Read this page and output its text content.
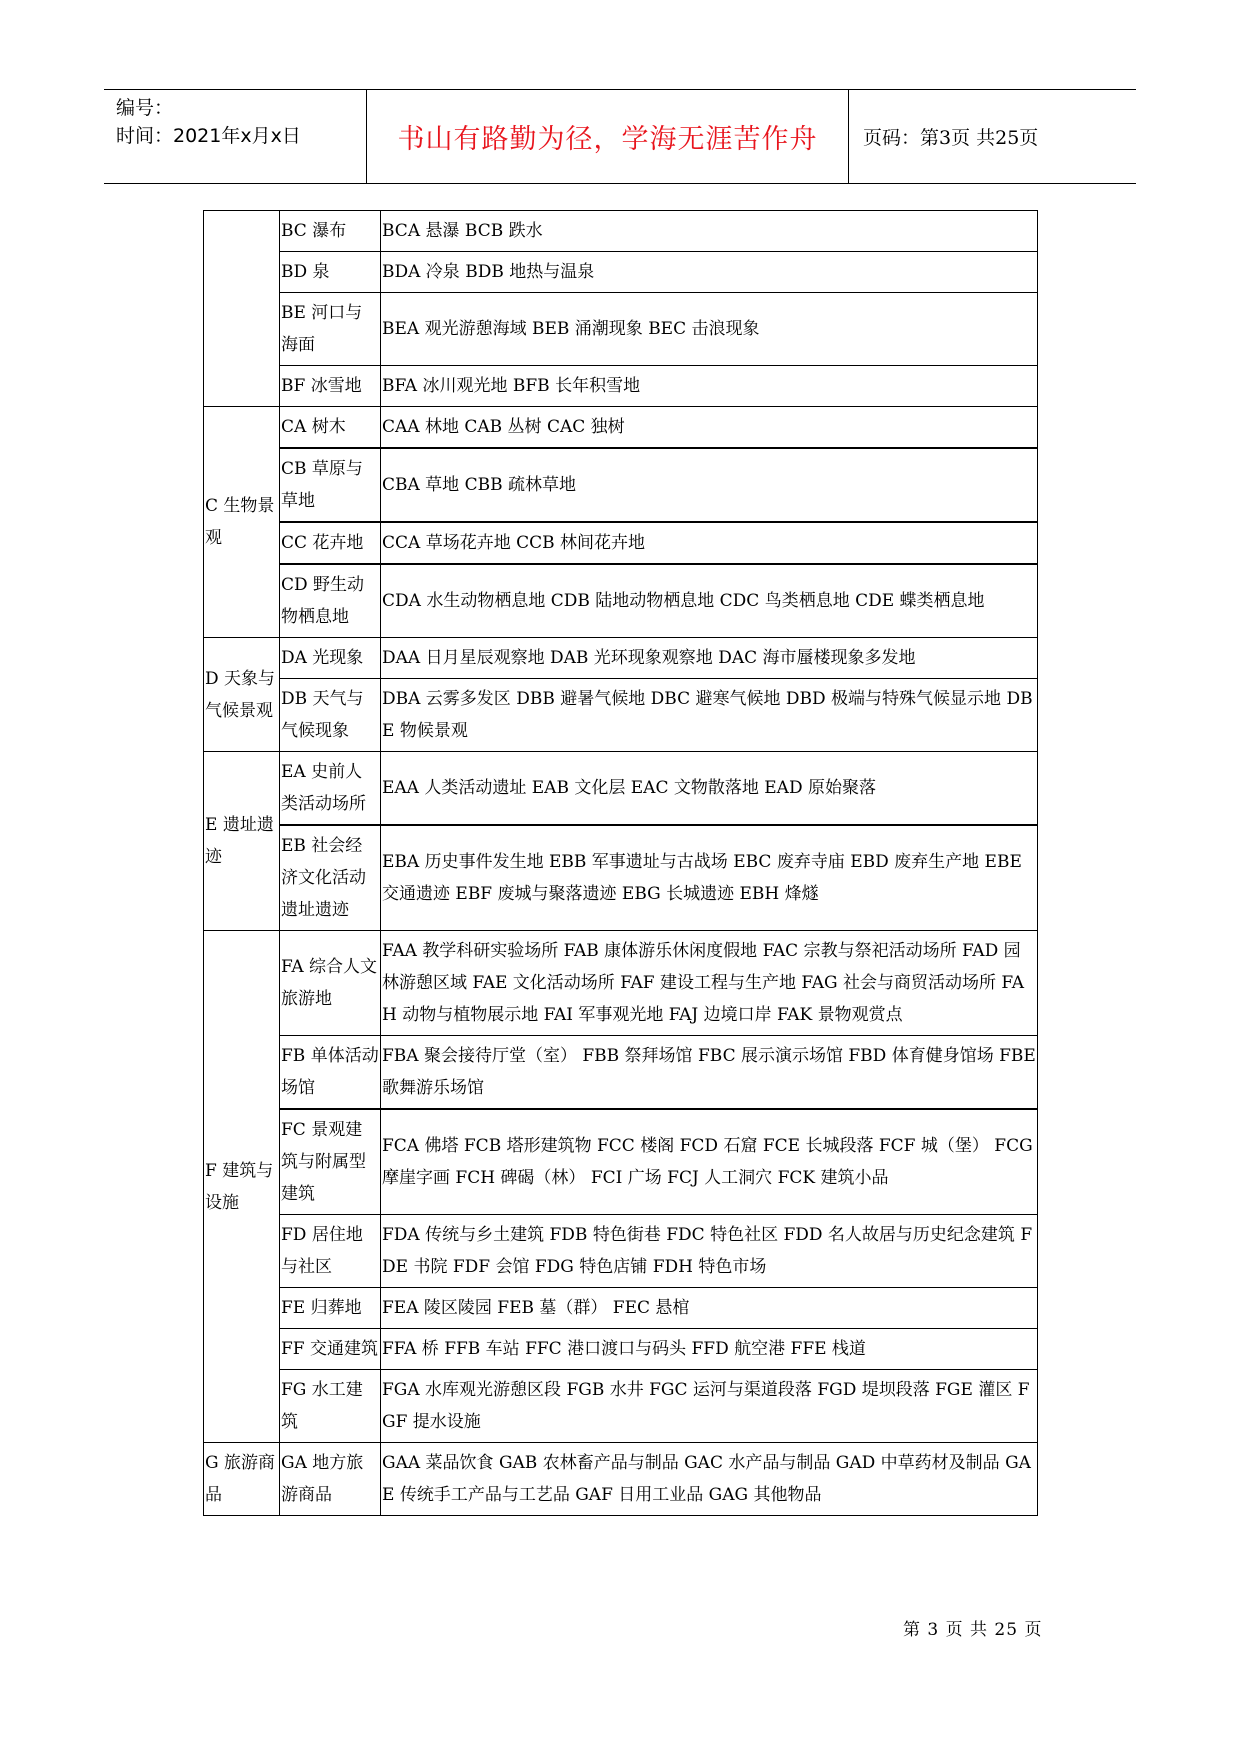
编号：
时间：2021年x月x日	书山有路勤为径，学海无涯苦作舟	页码：第3页 共25页
	BC 瀑布	BCA 悬瀑 BCB 跌水
	BD 泉	BDA 冷泉 BDB 地热与温泉
	BE 河口与海面	BEA 观光游憩海域 BEB 涌潮现象 BEC 击浪现象
	BF 冰雪地	BFA 冰川观光地 BFB 长年积雪地
C 生物景观	CA 树木	CAA 林地 CAB 丛树 CAC 独树
	CB 草原与草地	CBA 草地 CBB 疏林草地
	CC 花卉地	CCA 草场花卉地 CCB 林间花卉地
	CD 野生动物栖息地	CDA 水生动物栖息地 CDB 陆地动物栖息地 CDC 鸟类栖息地 CDE 蝶类栖息地
D 天象与气候景观	DA 光现象	DAA 日月星辰观察地 DAB 光环现象观察地 DAC 海市蜃楼现象多发地
	DB 天气与气候现象	DBA 云雾多发区 DBB 避暑气候地 DBC 避寒气候地 DBD 极端与特殊气候显示地 DBE 物候景观
E 遗址遗迹	EA 史前人类活动场所	EAA 人类活动遗址 EAB 文化层 EAC 文物散落地 EAD 原始聚落
	EB 社会经济文化活动遗址遗迹	EBA 历史事件发生地 EBB 军事遗址与古战场 EBC 废弃寺庙 EBD 废弃生产地 EBE 交通遗迹 EBF 废城与聚落遗迹 EBG 长城遗迹 EBH 烽燧
F 建筑与设施	FA 综合人文旅游地	FAA 教学科研实验场所 FAB 康体游乐休闲度假地 FAC 宗教与祭祀活动场所 FAD 园林游憩区域 FAE 文化活动场所 FAF 建设工程与生产地 FAG 社会与商贸活动场所 FAH 动物与植物展示地 FAI 军事观光地 FAJ 边境口岸 FAK 景物观赏点
	FB 单体活动场馆	FBA 聚会接待厅堂（室） FBB 祭拜场馆 FBC 展示演示场馆 FBD 体育健身馆场 FBE 歌舞游乐场馆
	FC 景观建筑与附属型建筑	FCA 佛塔 FCB 塔形建筑物 FCC 楼阁 FCD 石窟 FCE 长城段落 FCF 城（堡） FCG 摩崖字画 FCH 碑碣（林） FCI 广场 FCJ 人工洞穴 FCK 建筑小品
	FD 居住地与社区	FDA 传统与乡土建筑 FDB 特色街巷 FDC 特色社区 FDD 名人故居与历史纪念建筑 FDE 书院 FDF 会馆 FDG 特色店铺 FDH 特色市场
	FE 归葬地	FEA 陵区陵园 FEB 墓（群） FEC 悬棺
	FF 交通建筑	FFA 桥 FFB 车站 FFC 港口渡口与码头 FFD 航空港 FFE 栈道
	FG 水工建筑	FGA 水库观光游憩区段 FGB 水井 FGC 运河与渠道段落 FGD 堤坝段落 FGE 灌区 FGF 提水设施
G 旅游商品	GA 地方旅游商品	GAA 菜品饮食 GAB 农林畜产品与制品 GAC 水产品与制品 GAD 中草药材及制品 GAE 传统手工产品与工艺品 GAF 日用工业品 GAG 其他物品
第 3 页 共 25 页
